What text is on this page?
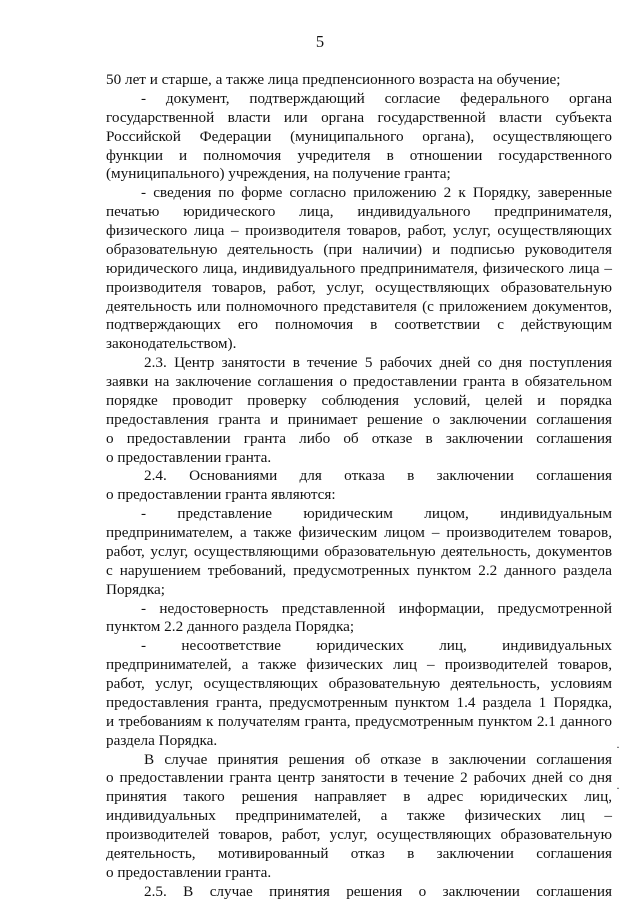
5
50 лет и старше, а также лица предпенсионного возраста на обучение;
- документ, подтверждающий согласие федерального органа
государственной власти или органа государственной власти субъекта
Российской Федерации (муниципального органа), осуществляющего
функции и полномочия учредителя в отношении государственного
(муниципального) учреждения, на получение гранта;
- сведения по форме согласно приложению 2 к Порядку, заверенные
печатью юридического лица, индивидуального предпринимателя,
физического лица – производителя товаров, работ, услуг, осуществляющих
образовательную деятельность (при наличии) и подписью руководителя
юридического лица, индивидуального предпринимателя, физического лица –
производителя товаров, работ, услуг, осуществляющих образовательную
деятельность или полномочного представителя (с приложением документов,
подтверждающих его полномочия в соответствии с действующим
законодательством).
2.3. Центр занятости в течение 5 рабочих дней со дня поступления
заявки на заключение соглашения о предоставлении гранта в обязательном
порядке проводит проверку соблюдения условий, целей и порядка
предоставления гранта и принимает решение о заключении соглашения
о предоставлении гранта либо об отказе в заключении соглашения
о предоставлении гранта.
2.4. Основаниями для отказа в заключении соглашения
о предоставлении гранта являются:
- представление юридическим лицом, индивидуальным
предпринимателем, а также физическим лицом – производителем товаров,
работ, услуг, осуществляющими образовательную деятельность, документов
с нарушением требований, предусмотренных пунктом 2.2 данного раздела
Порядка;
- недостоверность представленной информации, предусмотренной
пунктом 2.2 данного раздела Порядка;
- несоответствие юридических лиц, индивидуальных
предпринимателей, а также физических лиц – производителей товаров,
работ, услуг, осуществляющих образовательную деятельность, условиям
предоставления гранта, предусмотренным пунктом 1.4 раздела 1 Порядка,
и требованиям к получателям гранта, предусмотренным пунктом 2.1 данного
раздела Порядка.
В случае принятия решения об отказе в заключении соглашения
о предоставлении гранта центр занятости в течение 2 рабочих дней со дня
принятия такого решения направляет в адрес юридических лиц,
индивидуальных предпринимателей, а также физических лиц –
производителей товаров, работ, услуг, осуществляющих образовательную
деятельность, мотивированный отказ в заключении соглашения
о предоставлении гранта.
2.5. В случае принятия решения о заключении соглашения
·
·
